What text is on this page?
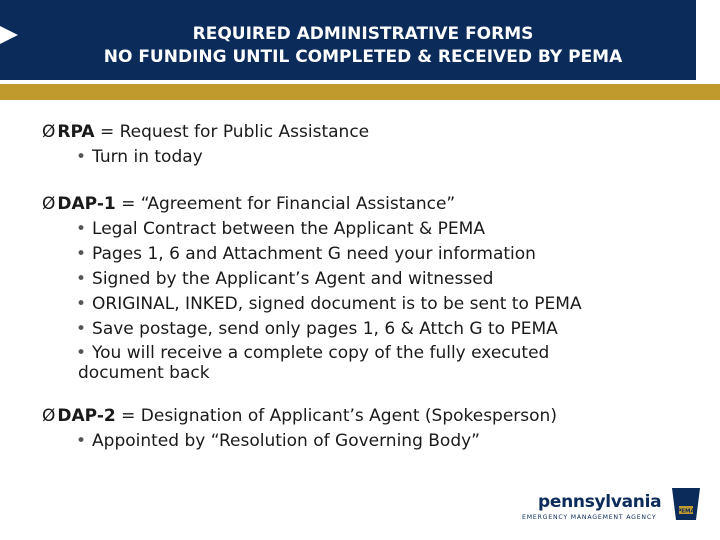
REQUIRED ADMINISTRATIVE FORMS
NO FUNDING UNTIL COMPLETED & RECEIVED BY PEMA
Ø RPA = Request for Public Assistance
• Turn in today
Ø DAP-1 = “Agreement for Financial Assistance”
• Legal Contract between the Applicant & PEMA
• Pages 1, 6 and Attachment G need your information
• Signed by the Applicant’s Agent and witnessed
• ORIGINAL, INKED, signed document is to be sent to PEMA
• Save postage, send only pages 1, 6 & Attch G to PEMA
• You will receive a complete copy of the fully executed
document back
Ø DAP-2 = Designation of Applicant’s Agent (Spokesperson)
• Appointed by “Resolution of Governing Body”
pennsylvania
EMERGENCY MANAGEMENT AGENCY
PEMA
